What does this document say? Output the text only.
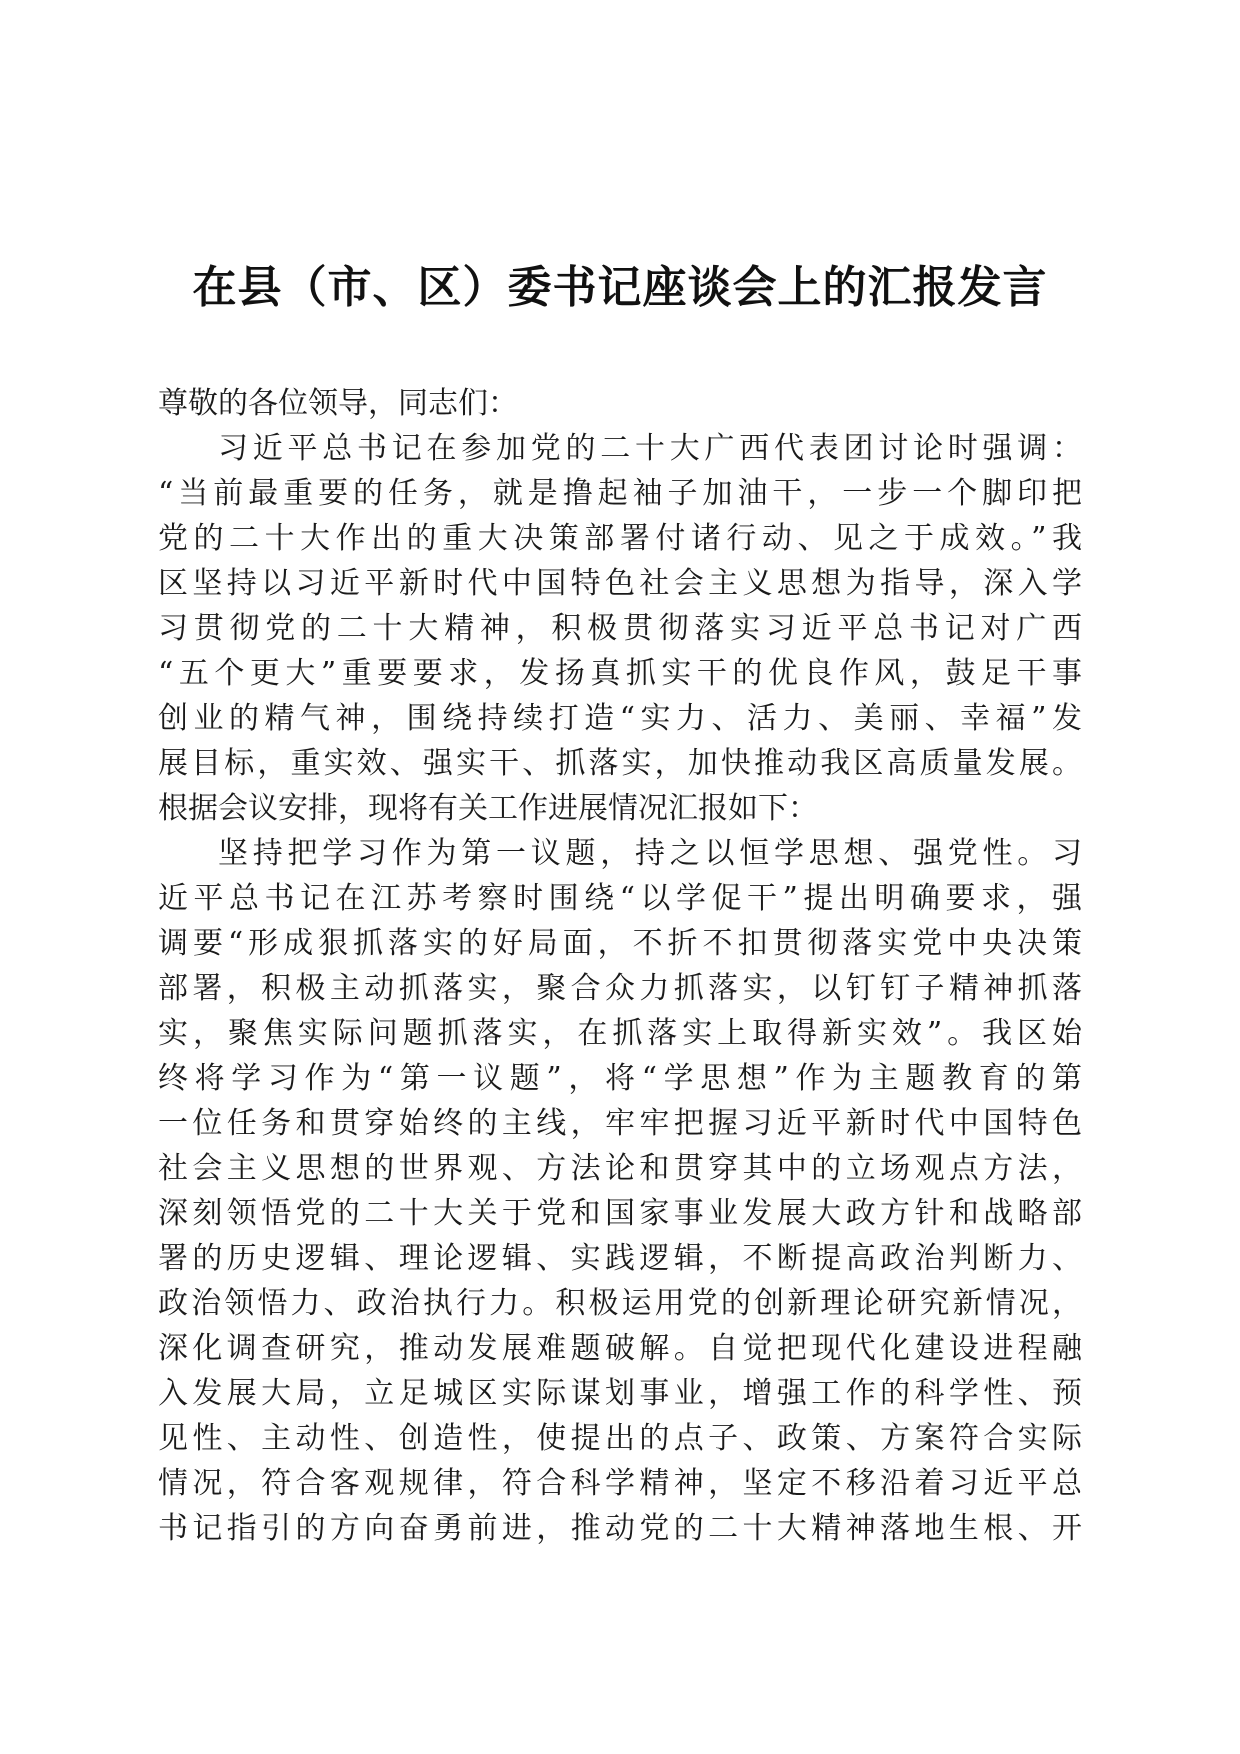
在县（市、区）委书记座谈会上的汇报发言
尊敬的各位领导，同志们：
习近平总书记在参加党的二十大广西代表团讨论时强调：
“当前最重要的任务，就是撸起袖子加油干，一步一个脚印把
党的二十大作出的重大决策部署付诸行动、见之于成效。”我
区坚持以习近平新时代中国特色社会主义思想为指导，深入学
习贯彻党的二十大精神，积极贯彻落实习近平总书记对广西
“五个更大”重要要求，发扬真抓实干的优良作风，鼓足干事
创业的精气神，围绕持续打造“实力、活力、美丽、幸福”发
展目标，重实效、强实干、抓落实，加快推动我区高质量发展。
根据会议安排，现将有关工作进展情况汇报如下：
坚持把学习作为第一议题，持之以恒学思想、强党性。习
近平总书记在江苏考察时围绕“以学促干”提出明确要求，强
调要“形成狠抓落实的好局面，不折不扣贯彻落实党中央决策
部署，积极主动抓落实，聚合众力抓落实，以钉钉子精神抓落
实，聚焦实际问题抓落实，在抓落实上取得新实效”。我区始
终将学习作为“第一议题”，将“学思想”作为主题教育的第
一位任务和贯穿始终的主线，牢牢把握习近平新时代中国特色
社会主义思想的世界观、方法论和贯穿其中的立场观点方法，
深刻领悟党的二十大关于党和国家事业发展大政方针和战略部
署的历史逻辑、理论逻辑、实践逻辑，不断提高政治判断力、
政治领悟力、政治执行力。积极运用党的创新理论研究新情况，
深化调查研究，推动发展难题破解。自觉把现代化建设进程融
入发展大局，立足城区实际谋划事业，增强工作的科学性、预
见性、主动性、创造性，使提出的点子、政策、方案符合实际
情况，符合客观规律，符合科学精神，坚定不移沿着习近平总
书记指引的方向奋勇前进，推动党的二十大精神落地生根、开
